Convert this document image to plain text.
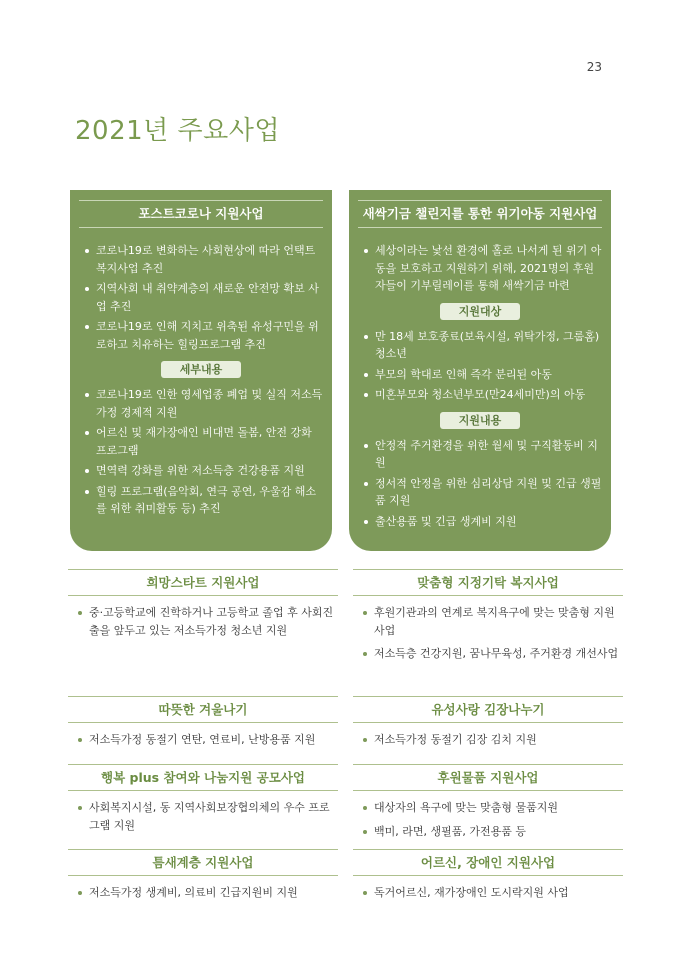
23
2021년 주요사업
포스트코로나 지원사업
코로나19로 변화하는 사회현상에 따라 언택트 복지사업 추진
지역사회 내 취약계층의 새로운 안전망 확보 사업 추진
코로나19로 인해 지치고 위축된 유성구민을 위로하고 치유하는 힐링프로그램 추진
세부내용
코로나19로 인한 영세업종 폐업 및 실직 저소득가정 경제적 지원
어르신 및 재가장애인 비대면 돌봄, 안전 강화 프로그램
면역력 강화를 위한 저소득층 건강용품 지원
힐링 프로그램(음악회, 연극 공연, 우울감 해소를 위한 취미활동 등) 추진
새싹기금 챌린지를 통한 위기아동 지원사업
세상이라는 낯선 환경에 홀로 나서게 된 위기 아동을 보호하고 지원하기 위해, 2021명의 후원자들이 기부릴레이를 통해 새싹기금 마련
지원대상
만 18세 보호종료(보육시설, 위탁가정, 그룹홈) 청소년
부모의 학대로 인해 즉각 분리된 아동
미혼부모와 청소년부모(만24세미만)의 아동
지원내용
안정적 주거환경을 위한 월세 및 구직활동비 지원
정서적 안정을 위한 심리상담 지원 및 긴급 생필품 지원
출산용품 및 긴급 생계비 지원
희망스타트 지원사업
중·고등학교에 진학하거나 고등학교 졸업 후 사회진출을 앞두고 있는 저소득가정 청소년 지원
맞춤형 지정기탁 복지사업
후원기관과의 연계로 복지욕구에 맞는 맞춤형 지원사업
저소득층 건강지원, 꿈나무육성, 주거환경 개선사업
따뜻한 겨울나기
저소득가정 동절기 연탄, 연료비, 난방용품 지원
유성사랑 김장나누기
저소득가정 동절기 김장 김치 지원
행복 plus 참여와 나눔지원 공모사업
사회복지시설, 동 지역사회보장협의체의 우수 프로그램 지원
후원물품 지원사업
대상자의 욕구에 맞는 맞춤형 물품지원
백미, 라면, 생필품, 가전용품 등
틈새계층 지원사업
저소득가정 생계비, 의료비 긴급지원비 지원
어르신, 장애인 지원사업
독거어르신, 재가장애인 도시락지원 사업
